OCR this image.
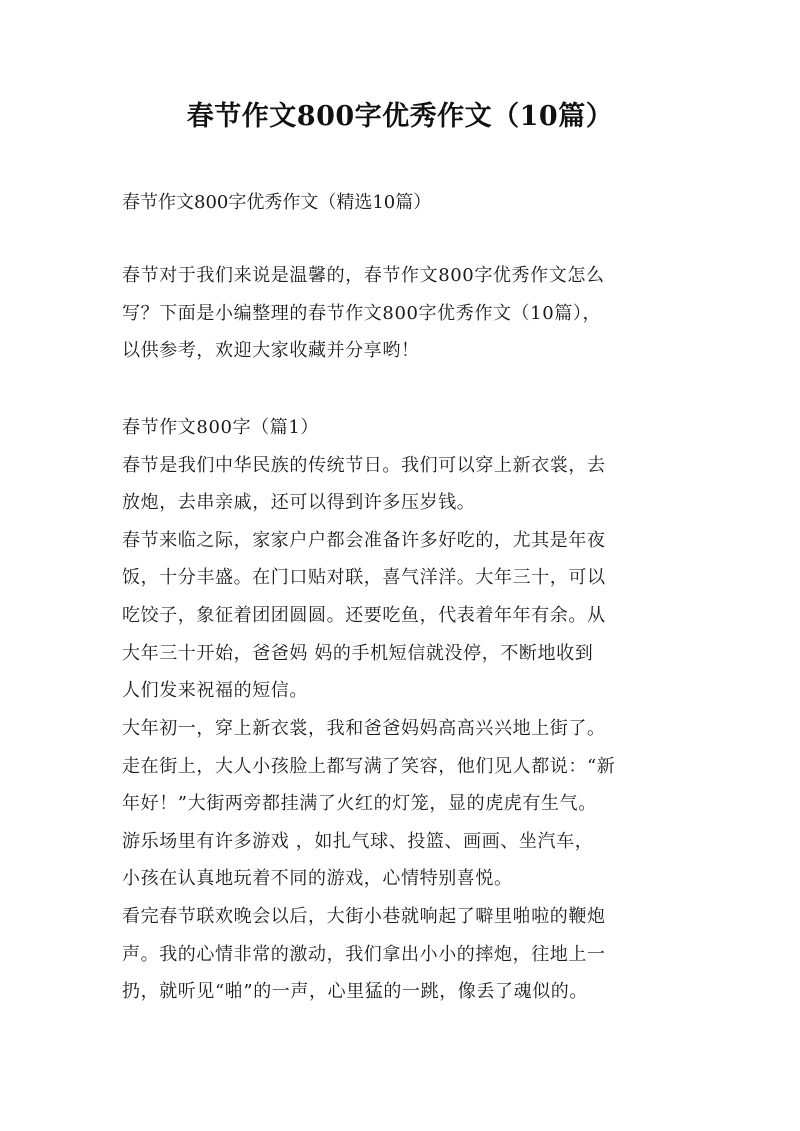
春节作文800字优秀作文（10篇）
春节作文800字优秀作文（精选10篇）
春节对于我们来说是温馨的，春节作文800字优秀作文怎么
写？下面是小编整理的春节作文800字优秀作文（10篇），
以供参考，欢迎大家收藏并分享哟！
春节作文800字（篇1）
春节是我们中华民族的传统节日。我们可以穿上新衣裳，去
放炮，去串亲戚，还可以得到许多压岁钱。
春节来临之际，家家户户都会准备许多好吃的，尤其是年夜
饭，十分丰盛。在门口贴对联，喜气洋洋。大年三十，可以
吃饺子，象征着团团圆圆。还要吃鱼，代表着年年有余。从
大年三十开始，爸爸妈 妈的手机短信就没停，不断地收到
人们发来祝福的短信。
大年初一，穿上新衣裳，我和爸爸妈妈高高兴兴地上街了。
走在街上，大人小孩脸上都写满了笑容，他们见人都说：“新
年好！”大街两旁都挂满了火红的灯笼，显的虎虎有生气。
游乐场里有许多游戏 ，如扎气球、投篮、画画、坐汽车，
小孩在认真地玩着不同的游戏，心情特别喜悦。
看完春节联欢晚会以后，大街小巷就响起了噼里啪啦的鞭炮
声。我的心情非常的激动，我们拿出小小的摔炮，往地上一
扔，就听见“啪”的一声，心里猛的一跳，像丢了魂似的。
